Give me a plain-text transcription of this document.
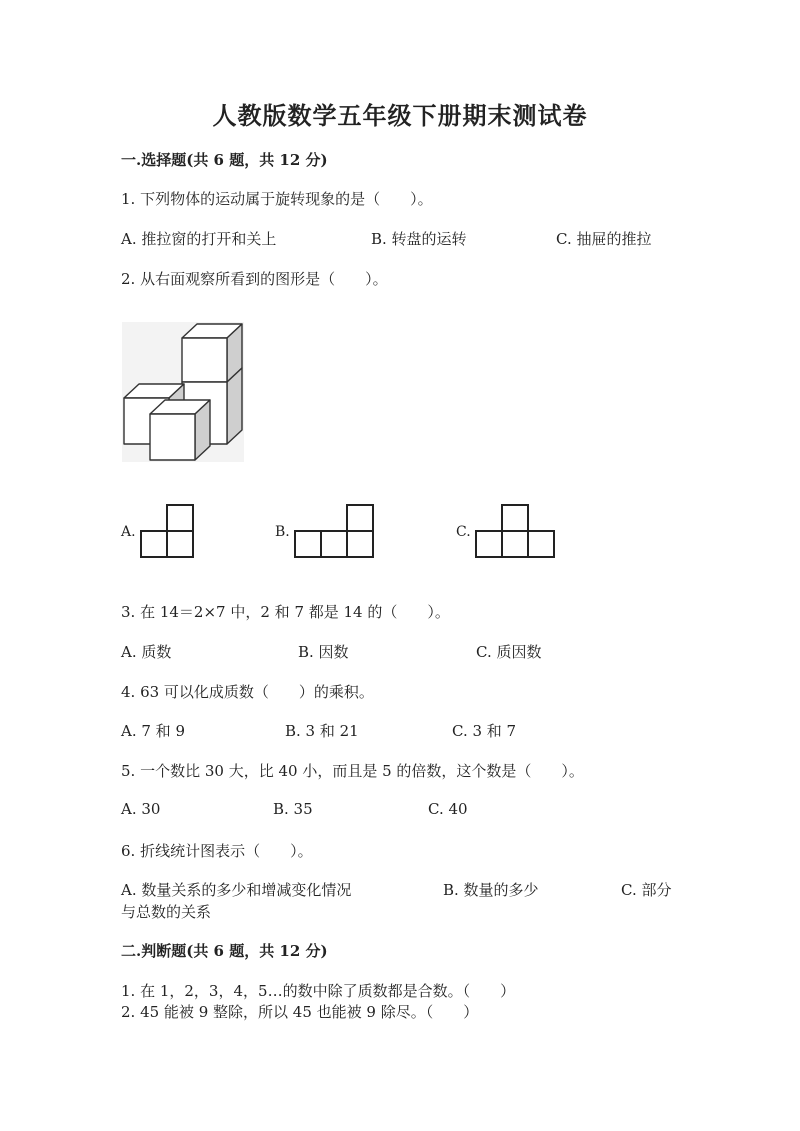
人教版数学五年级下册期末测试卷
一.选择题(共 6 题，共 12 分)
1. 下列物体的运动属于旋转现象的是（　　）。
A. 推拉窗的打开和关上	B. 转盘的运转	C. 抽屉的推拉
2. 从右面观察所看到的图形是（　　）。
A.	B.	C.
3. 在 14＝2×7 中，2 和 7 都是 14 的（　　）。
A. 质数	B. 因数	C. 质因数
4. 63 可以化成质数（　　）的乘积。
A. 7 和 9	B. 3 和 21	C. 3 和 7
5. 一个数比 30 大，比 40 小，而且是 5 的倍数，这个数是（　　）。
A. 30	B. 35	C. 40
6. 折线统计图表示（　　）。
A. 数量关系的多少和增减变化情况	B. 数量的多少	C. 部分
与总数的关系
二.判断题(共 6 题，共 12 分)
1. 在 1，2，3，4，5…的数中除了质数都是合数。（　　）
2. 45 能被 9 整除，所以 45 也能被 9 除尽。（　　）
